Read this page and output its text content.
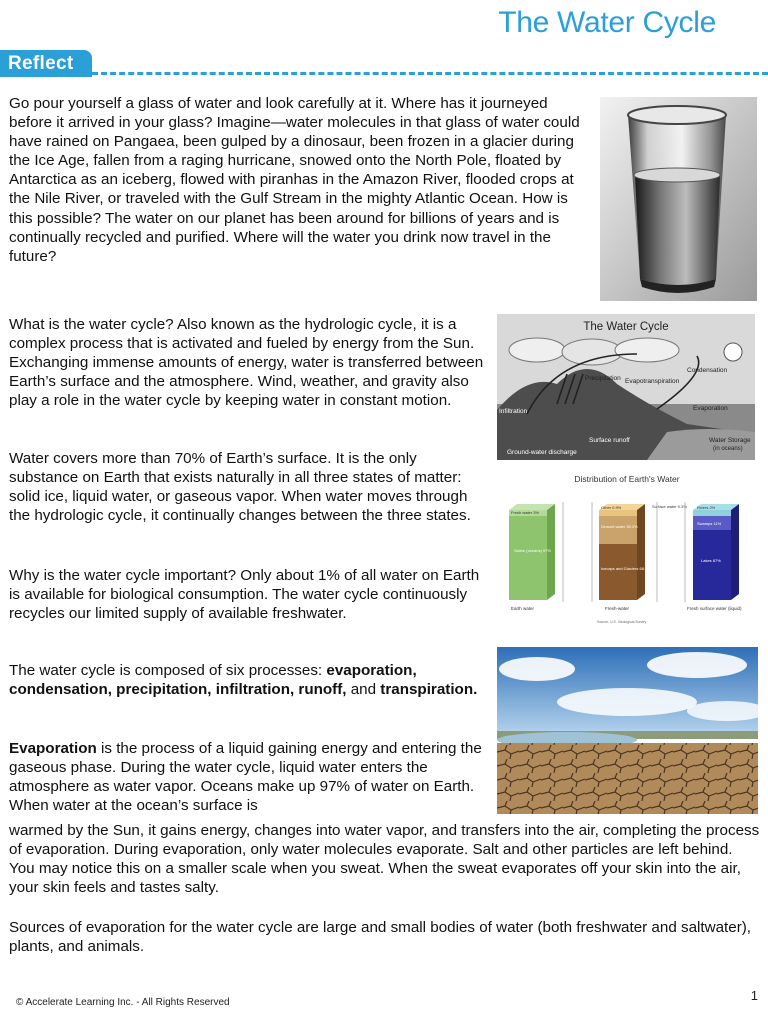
The Water Cycle
Reflect

Go pour yourself a glass of water and look carefully at it. Where has it journeyed before it arrived in your glass? Imagine—water molecules in that glass of water could have rained on Pangaea, been gulped by a dinosaur, been frozen in a glacier during the Ice Age, fallen from a raging hurricane, snowed onto the North Pole, floated by Antarctica as an iceberg, flowed with piranhas in the Amazon River, flooded crops at the Nile River, or traveled with the Gulf Stream in the mighty Atlantic Ocean. How is this possible? The water on our planet has been around for billions of years and is continually recycled and purified. Where will the water you drink now travel in the future?

What is the water cycle? Also known as the hydrologic cycle, it is a complex process that is activated and fueled by energy from the Sun. Exchanging immense amounts of energy, water is transferred between Earth’s surface and the atmosphere. Wind, weather, and gravity also play a role in the water cycle by keeping water in constant motion.

The Water Cycle
Condensation
Precipitation Evapotranspiration
Evaporation
Infiltration
Surface runoff	Water Storage
(in oceans)
Ground-water discharge

Water covers more than 70% of Earth’s surface. It is the only substance on Earth that exists naturally in all three states of matter: solid ice, liquid water, or gaseous vapor. When water moves through the hydrologic cycle, it continually changes between the three states.

Distribution of Earth's Water
Fresh water 3%
Saline (oceans) 97%
Earth water
Other 0.9%	Surface water 0.3%
Ground water 30.1%
Icecaps and Glaciers 68.7%
Fresh-water
Rivers 2%
Swamps 11%
Lakes 87%
Fresh surface water (liquid)
Source: U.S. Geological Survey

Why is the water cycle important? Only about 1% of all water on Earth is available for biological consumption. The water cycle continuously recycles our limited supply of available freshwater.

The water cycle is composed of six processes: evaporation, condensation, precipitation, infiltration, runoff, and transpiration.

Evaporation is the process of a liquid gaining energy and entering the gaseous phase. During the water cycle, liquid water enters the atmosphere as water vapor. Oceans make up 97% of water on Earth. When water at the ocean’s surface is

warmed by the Sun, it gains energy, changes into water vapor, and transfers into the air, completing the process of evaporation. During evaporation, only water molecules evaporate. Salt and other particles are left behind. You may notice this on a smaller scale when you sweat. When the sweat evaporates off your skin into the air, your skin feels and tastes salty.

Sources of evaporation for the water cycle are large and small bodies of water (both freshwater and saltwater), plants, and animals.

© Accelerate Learning Inc. - All Rights Reserved	1
